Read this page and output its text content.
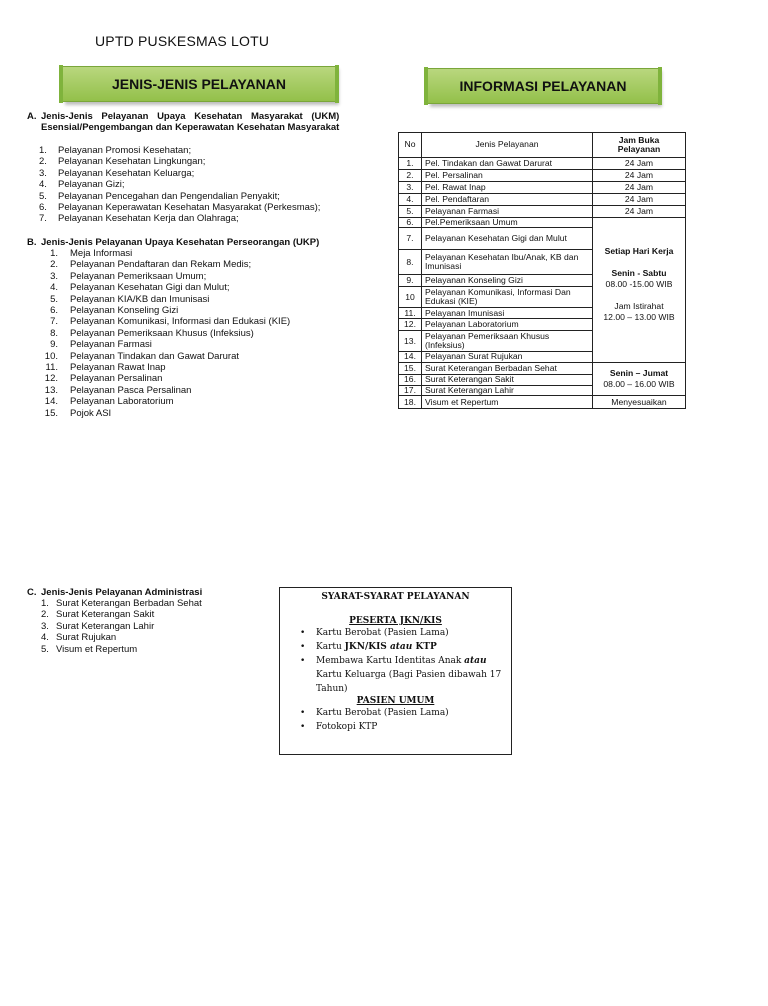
UPTD PUSKESMAS LOTU
JENIS-JENIS PELAYANAN	INFORMASI PELAYANAN
A. Jenis-Jenis Pelayanan Upaya Kesehatan Masyarakat (UKM)
Esensial/Pengembangan dan Keperawatan Kesehatan Masyarakat
1.	Pelayanan Promosi Kesehatan;
2.	Pelayanan Kesehatan Lingkungan;
3.	Pelayanan Kesehatan Keluarga;
4.	Pelayanan Gizi;
5.	Pelayanan Pencegahan dan Pengendalian Penyakit;
6.	Pelayanan Keperawatan Kesehatan Masyarakat (Perkesmas);
7.	Pelayanan Kesehatan Kerja dan Olahraga;
B. Jenis-Jenis Pelayanan Upaya Kesehatan Perseorangan (UKP)
1.	Meja Informasi
2.	Pelayanan Pendaftaran dan Rekam Medis;
3.	Pelayanan Pemeriksaan Umum;
4.	Pelayanan Kesehatan Gigi dan Mulut;
5.	Pelayanan KIA/KB dan Imunisasi
6.	Pelayanan Konseling Gizi
7.	Pelayanan Komunikasi, Informasi dan Edukasi (KIE)
8.	Pelayanan Pemeriksaan Khusus (Infeksius)
9.	Pelayanan Farmasi
10.	Pelayanan Tindakan dan Gawat Darurat
11.	Pelayanan Rawat Inap
12.	Pelayanan Persalinan
13.	Pelayanan Pasca Persalinan
14.	Pelayanan Laboratorium
15.	Pojok ASI
No	Jenis Pelayanan	Jam Buka
Pelayanan
1.	Pel. Tindakan dan Gawat Darurat	24 Jam
2.	Pel. Persalinan	24 Jam
3.	Pel. Rawat Inap	24 Jam
4.	Pel. Pendaftaran	24 Jam
5.	Pelayanan Farmasi	24 Jam
6.	Pel.Pemeriksaan Umum	Setiap Hari Kerja

Senin - Sabtu
08.00 -15.00 WIB

Jam Istirahat
12.00 – 13.00 WIB
7.	Pelayanan Kesehatan Gigi dan Mulut	
8.	Pelayanan Kesehatan Ibu/Anak, KB dan Imunisasi	
9.	Pelayanan Konseling Gizi	
10	Pelayanan Komunikasi, Informasi Dan Edukasi (KIE)	
11.	Pelayanan Imunisasi	
12.	Pelayanan Laboratorium	
13.	Pelayanan Pemeriksaan Khusus (Infeksius)	
14.	Pelayanan Surat Rujukan	
15.	Surat Keterangan Berbadan Sehat	Senin – Jumat
08.00 – 16.00 WIB
16.	Surat Keterangan Sakit	
17.	Surat Keterangan Lahir	
18.	Visum et Repertum	Menyesuaikan
C. Jenis-Jenis Pelayanan Administrasi
1. Surat Keterangan Berbadan Sehat
2. Surat Keterangan Sakit
3. Surat Keterangan Lahir
4. Surat Rujukan
5. Visum et Repertum
SYARAT-SYARAT PELAYANAN
PESERTA JKN/KIS
• Kartu Berobat (Pasien Lama)
• Kartu JKN/KIS atau KTP
• Membawa Kartu Identitas Anak atau Kartu Keluarga (Bagi Pasien dibawah 17 Tahun)
PASIEN UMUM
• Kartu Berobat (Pasien Lama)
• Fotokopi KTP
